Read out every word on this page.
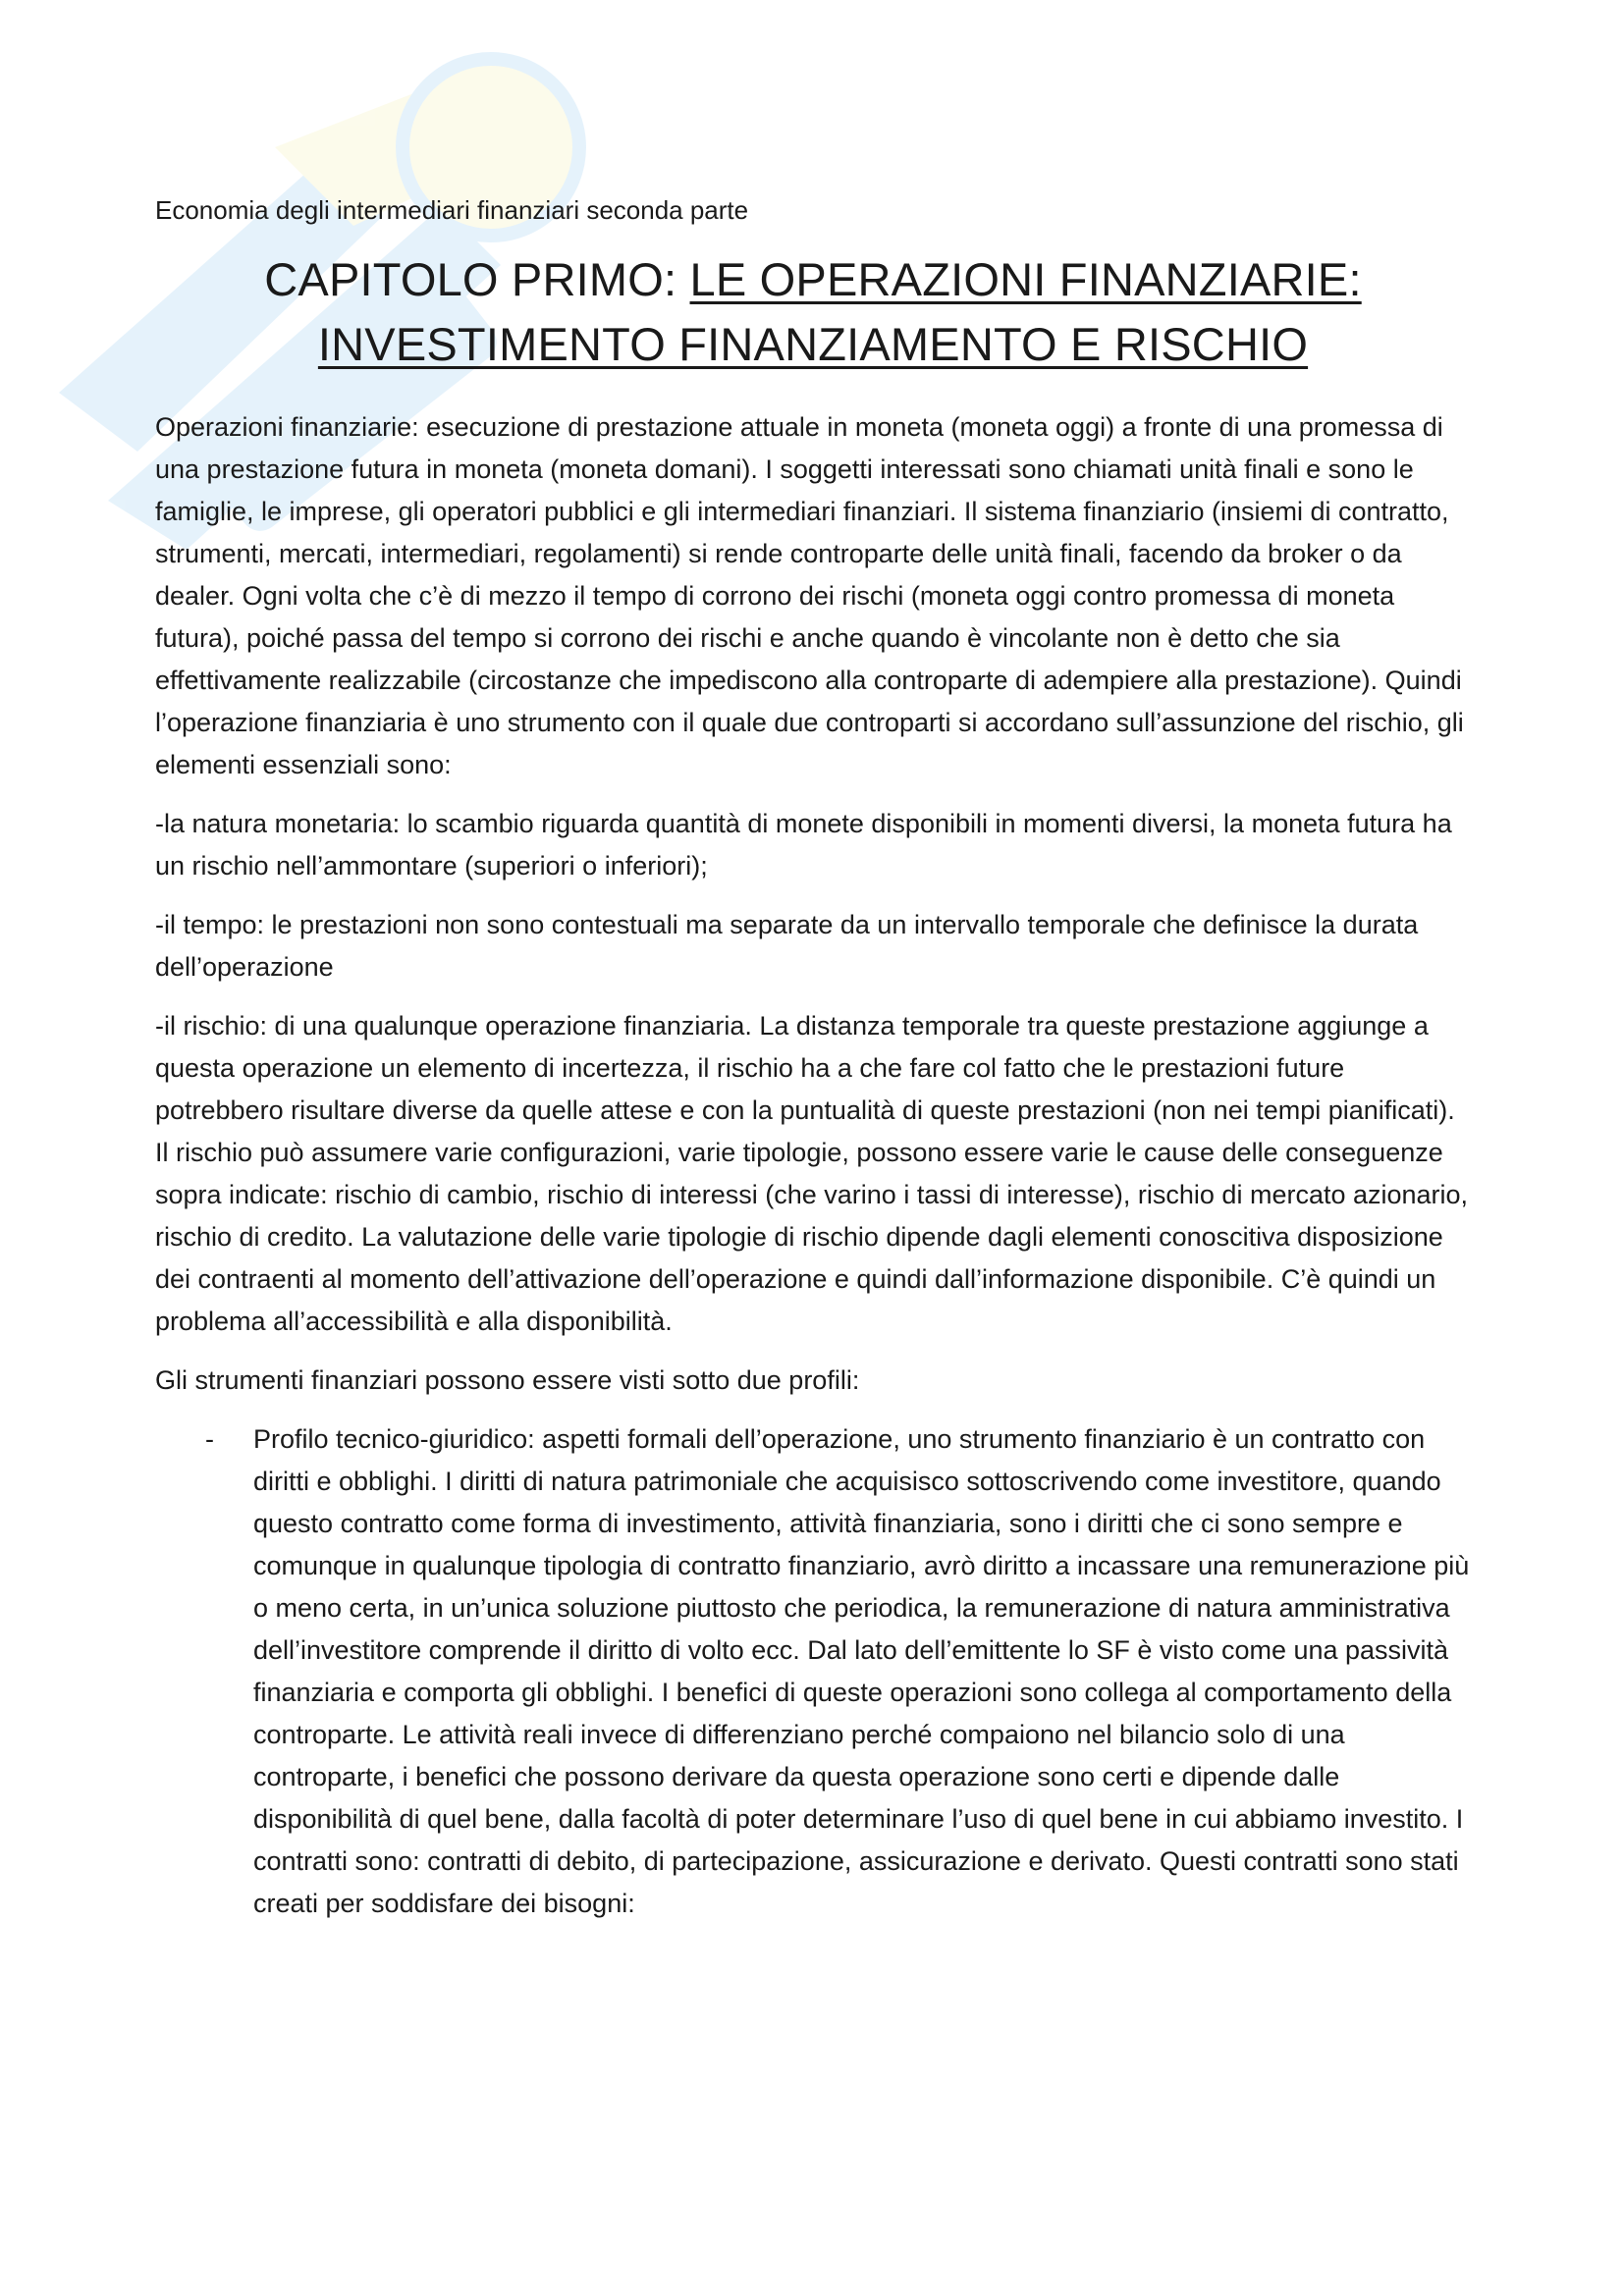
Economia degli intermediari finanziari seconda parte
CAPITOLO PRIMO: LE OPERAZIONI FINANZIARIE:
INVESTIMENTO FINANZIAMENTO E RISCHIO

Operazioni finanziarie: esecuzione di prestazione attuale in moneta (moneta oggi) a fronte di una promessa di una prestazione futura in moneta (moneta domani). I soggetti interessati sono chiamati unità finali e sono le famiglie, le imprese, gli operatori pubblici e gli intermediari finanziari. Il sistema finanziario (insiemi di contratto, strumenti, mercati, intermediari, regolamenti) si rende controparte delle unità finali, facendo da broker o da dealer. Ogni volta che c’è di mezzo il tempo di corrono dei rischi (moneta oggi contro promessa di moneta futura), poiché passa del tempo si corrono dei rischi e anche quando è vincolante non è detto che sia effettivamente realizzabile (circostanze che impediscono alla controparte di adempiere alla prestazione). Quindi l’operazione finanziaria è uno strumento con il quale due controparti si accordano sull’assunzione del rischio, gli elementi essenziali sono:

-la natura monetaria: lo scambio riguarda quantità di monete disponibili in momenti diversi, la moneta futura ha un rischio nell’ammontare (superiori o inferiori);

-il tempo: le prestazioni non sono contestuali ma separate da un intervallo temporale che definisce la durata dell’operazione

-il rischio: di una qualunque operazione finanziaria. La distanza temporale tra queste prestazione aggiunge a questa operazione un elemento di incertezza, il rischio ha a che fare col fatto che le prestazioni future potrebbero risultare diverse da quelle attese e con la puntualità di queste prestazioni (non nei tempi pianificati). Il rischio può assumere varie configurazioni, varie tipologie, possono essere varie le cause delle conseguenze sopra indicate: rischio di cambio, rischio di interessi (che varino i tassi di interesse), rischio di mercato azionario, rischio di credito. La valutazione delle varie tipologie di rischio dipende dagli elementi conoscitiva disposizione dei contraenti al momento dell’attivazione dell’operazione e quindi dall’informazione disponibile. C’è quindi un problema all’accessibilità e alla disponibilità.

Gli strumenti finanziari possono essere visti sotto due profili:

- Profilo tecnico-giuridico: aspetti formali dell’operazione, uno strumento finanziario è un contratto con diritti e obblighi. I diritti di natura patrimoniale che acquisisco sottoscrivendo come investitore, quando questo contratto come forma di investimento, attività finanziaria, sono i diritti che ci sono sempre e comunque in qualunque tipologia di contratto finanziario, avrò diritto a incassare una remunerazione più o meno certa, in un’unica soluzione piuttosto che periodica, la remunerazione di natura amministrativa dell’investitore comprende il diritto di volto ecc. Dal lato dell’emittente lo SF è visto come una passività finanziaria e comporta gli obblighi. I benefici di queste operazioni sono collega al comportamento della controparte. Le attività reali invece di differenziano perché compaiono nel bilancio solo di una controparte, i benefici che possono derivare da questa operazione sono certi e dipende dalle disponibilità di quel bene, dalla facoltà di poter determinare l’uso di quel bene in cui abbiamo investito. I contratti sono: contratti di debito, di partecipazione, assicurazione e derivato. Questi contratti sono stati creati per soddisfare dei bisogni:
